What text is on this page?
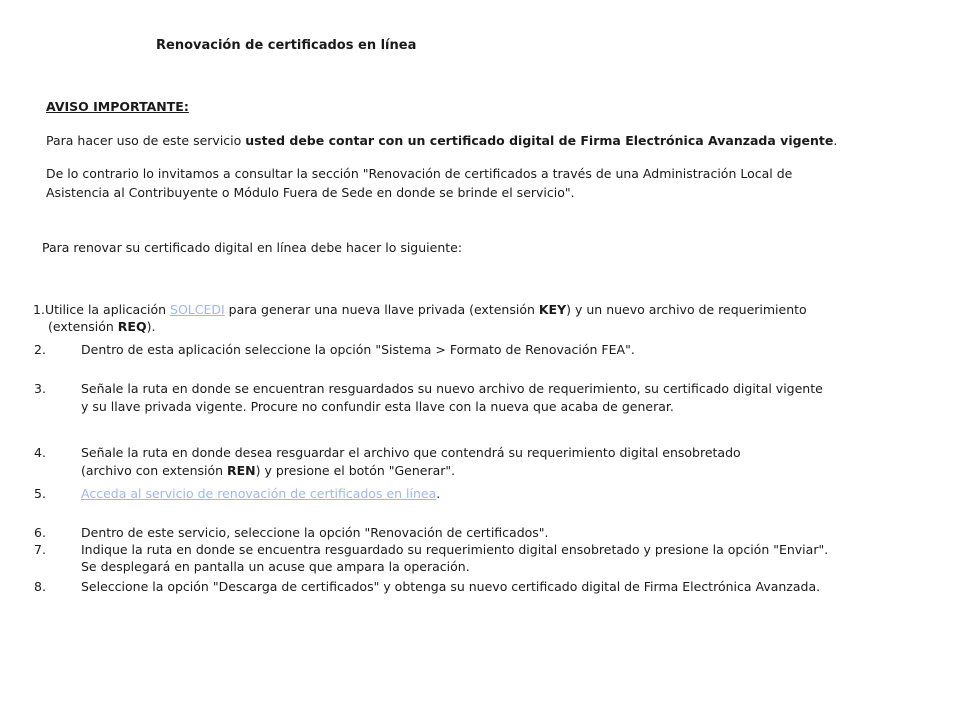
Renovación de certificados en línea
AVISO IMPORTANTE:
Para hacer uso de este servicio usted debe contar con un certificado digital de Firma Electrónica Avanzada vigente.
De lo contrario lo invitamos a consultar la sección "Renovación de certificados a través de una Administración Local de
Asistencia al Contribuyente o Módulo Fuera de Sede en donde se brinde el servicio".
Para renovar su certificado digital en línea debe hacer lo siguiente:
1.Utilice la aplicación SOLCEDI para generar una nueva llave privada (extensión KEY) y un nuevo archivo de requerimiento
(extensión REQ).
2.	Dentro de esta aplicación seleccione la opción "Sistema > Formato de Renovación FEA".
3.	Señale la ruta en donde se encuentran resguardados su nuevo archivo de requerimiento, su certificado digital vigente
y su llave privada vigente. Procure no confundir esta llave con la nueva que acaba de generar.
4.	Señale la ruta en donde desea resguardar el archivo que contendrá su requerimiento digital ensobretado
(archivo con extensión REN) y presione el botón "Generar".
5.	Acceda al servicio de renovación de certificados en línea.
6.	Dentro de este servicio, seleccione la opción "Renovación de certificados".
7.	Indique la ruta en donde se encuentra resguardado su requerimiento digital ensobretado y presione la opción "Enviar".
Se desplegará en pantalla un acuse que ampara la operación.
8.	Seleccione la opción "Descarga de certificados" y obtenga su nuevo certificado digital de Firma Electrónica Avanzada.
